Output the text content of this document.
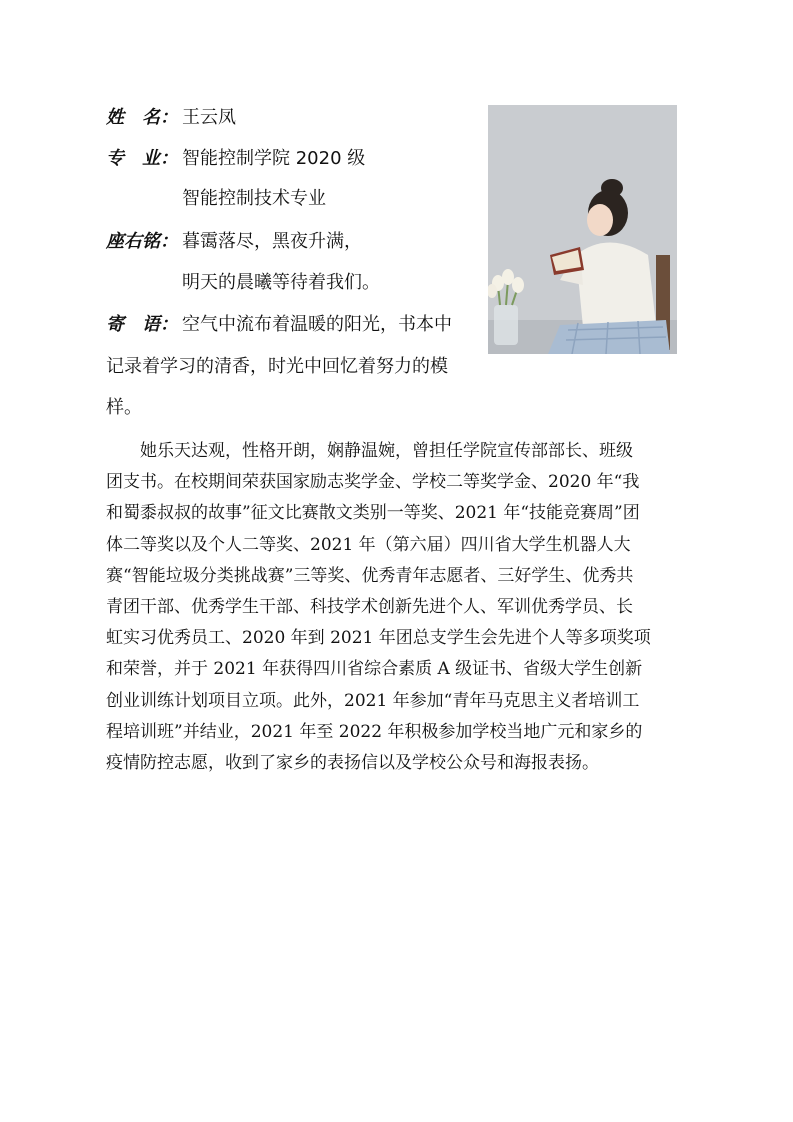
姓　名： 王云凤
专　业： 智能控制学院 2020 级
智能控制技术专业
座右铭： 暮霭落尽，黑夜升满，
明天的晨曦等待着我们。
寄　语： 空气中流布着温暖的阳光，书本中
记录着学习的清香，时光中回忆着努力的模
样。
她乐天达观，性格开朗，娴静温婉，曾担任学院宣传部部长、班级
团支书。在校期间荣获国家励志奖学金、学校二等奖学金、2020 年“我
和蜀黍叔叔的故事”征文比赛散文类别一等奖、2021 年“技能竞赛周”团
体二等奖以及个人二等奖、2021 年（第六届）四川省大学生机器人大
赛“智能垃圾分类挑战赛”三等奖、优秀青年志愿者、三好学生、优秀共
青团干部、优秀学生干部、科技学术创新先进个人、军训优秀学员、长
虹实习优秀员工、2020 年到 2021 年团总支学生会先进个人等多项奖项
和荣誉，并于 2021 年获得四川省综合素质 A 级证书、省级大学生创新
创业训练计划项目立项。此外，2021 年参加“青年马克思主义者培训工
程培训班”并结业，2021 年至 2022 年积极参加学校当地广元和家乡的
疫情防控志愿，收到了家乡的表扬信以及学校公众号和海报表扬。
